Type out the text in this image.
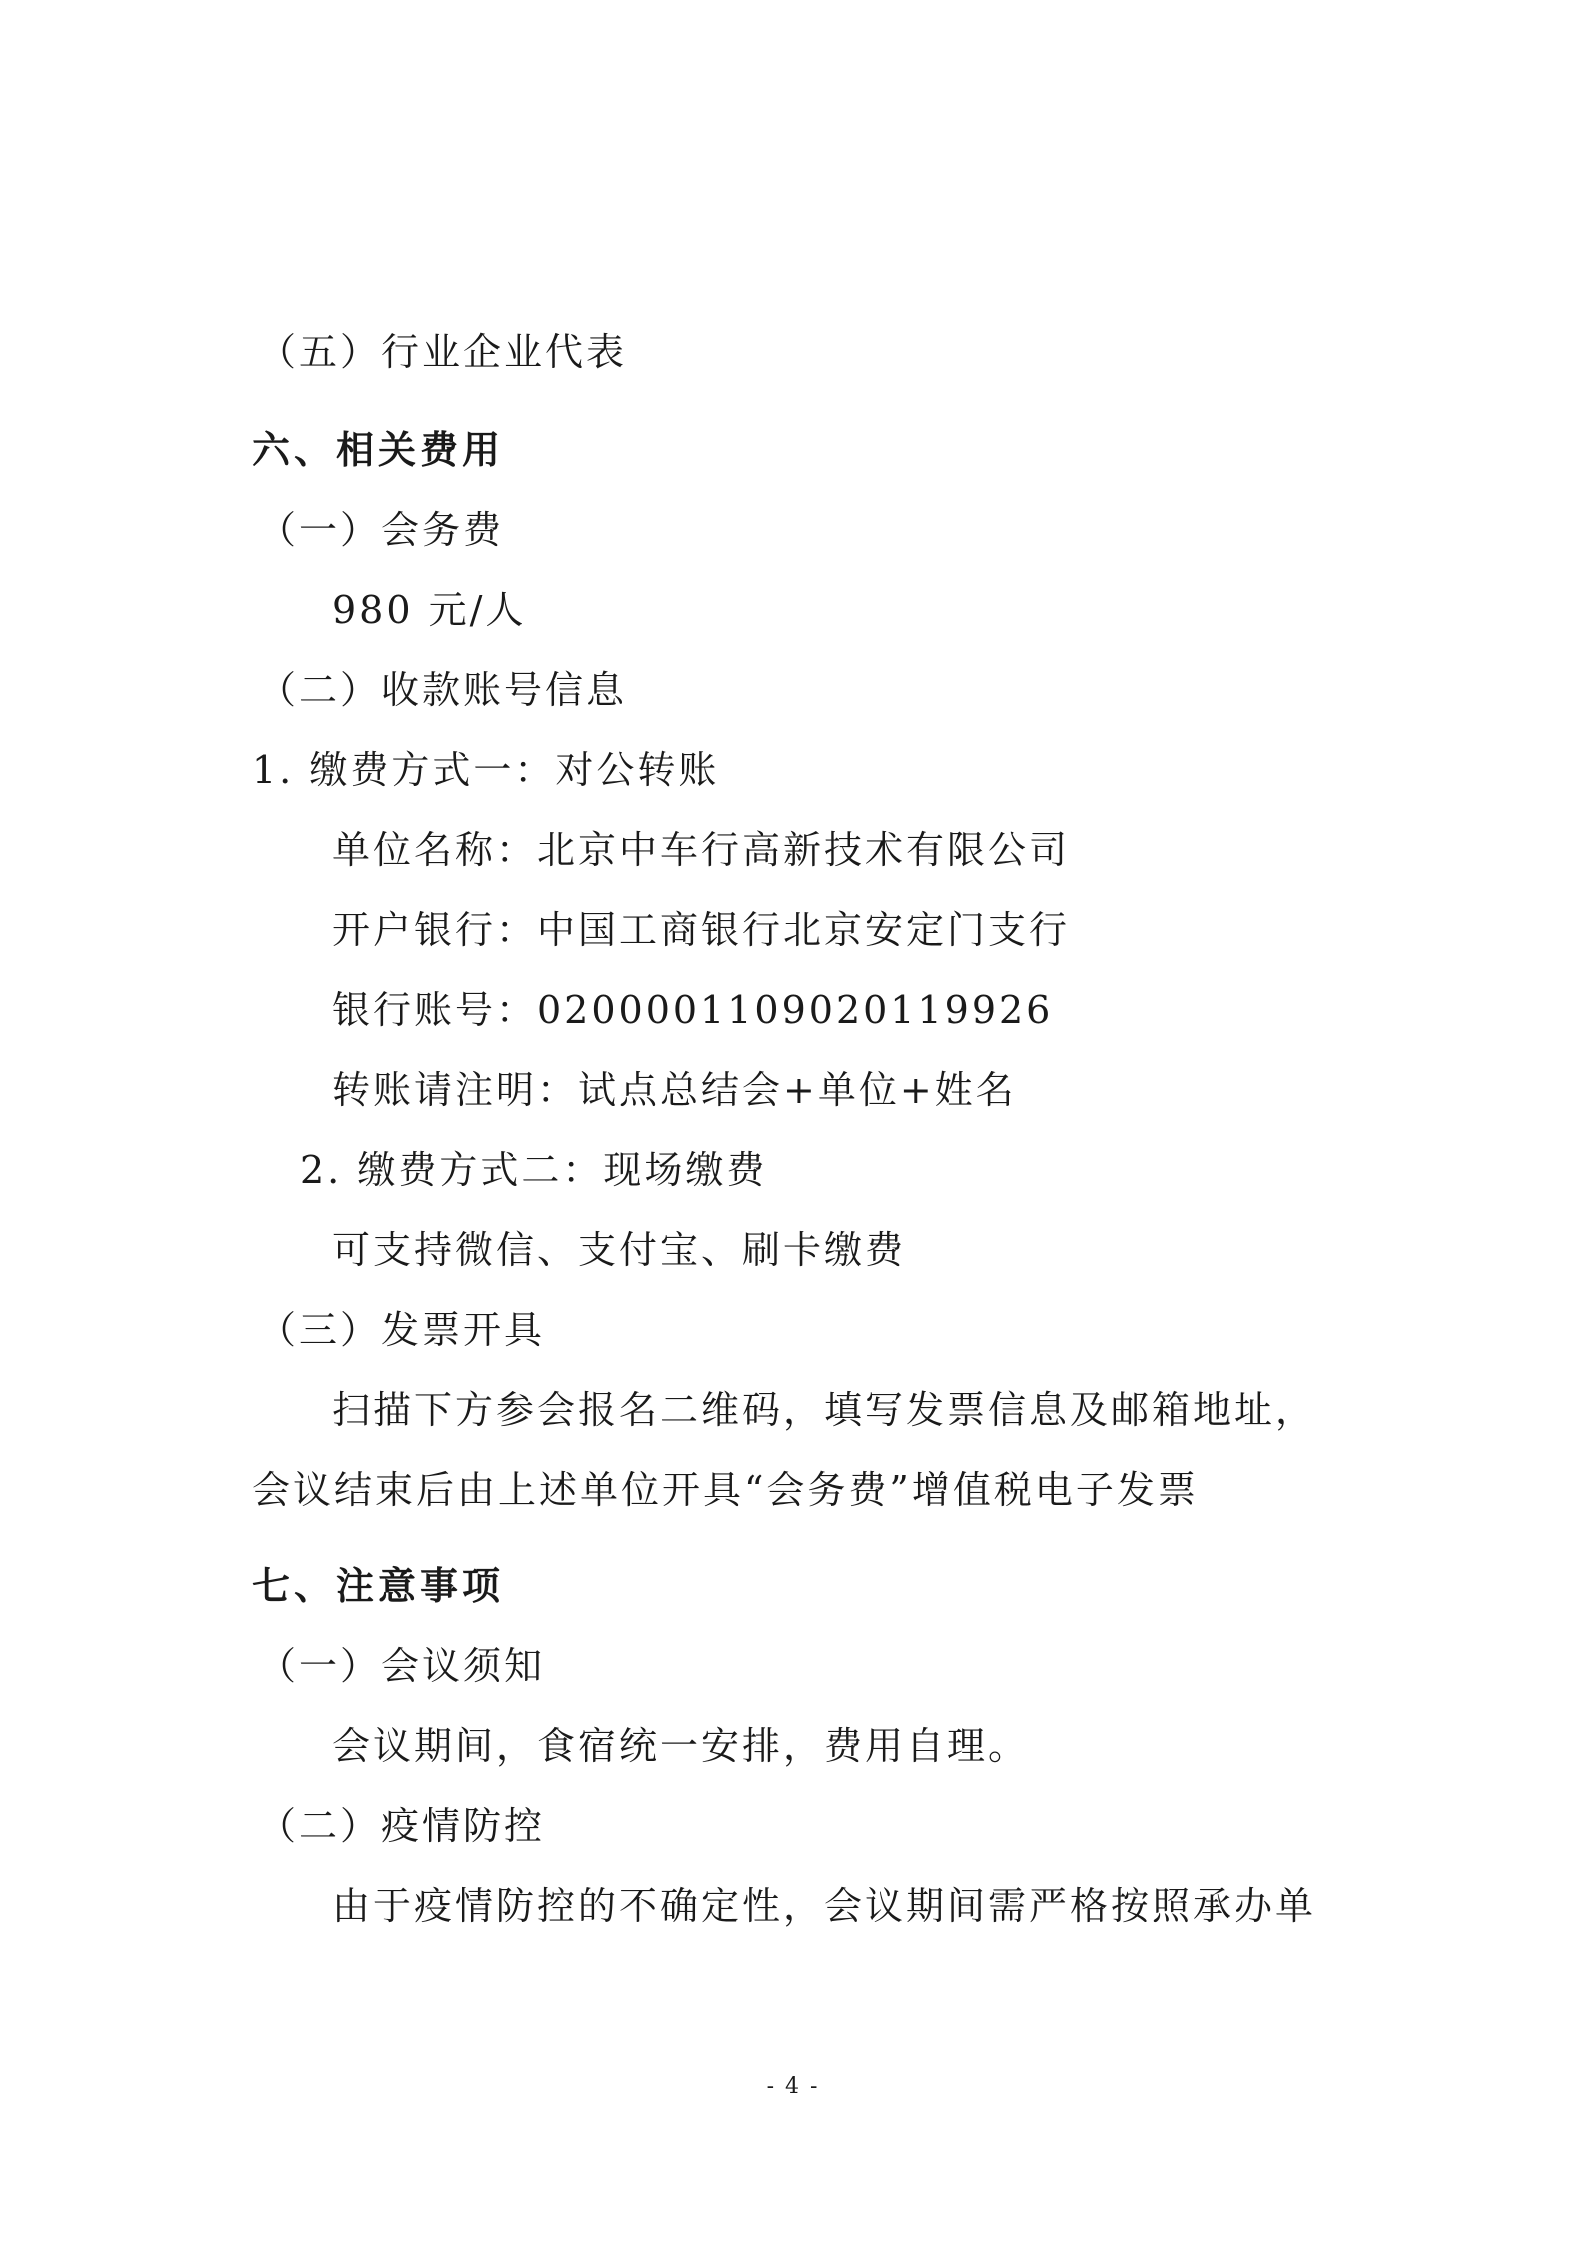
（五）行业企业代表
六、相关费用
（一）会务费
980 元/人
（二）收款账号信息
1. 缴费方式一：对公转账
单位名称：北京中车行高新技术有限公司
开户银行：中国工商银行北京安定门支行
银行账号：0200001109020119926
转账请注明：试点总结会+单位+姓名
2. 缴费方式二：现场缴费
可支持微信、支付宝、刷卡缴费
（三）发票开具
扫描下方参会报名二维码，填写发票信息及邮箱地址，
会议结束后由上述单位开具“会务费”增值税电子发票
七、注意事项
（一）会议须知
会议期间，食宿统一安排，费用自理。
（二）疫情防控
由于疫情防控的不确定性，会议期间需严格按照承办单
- 4 -
